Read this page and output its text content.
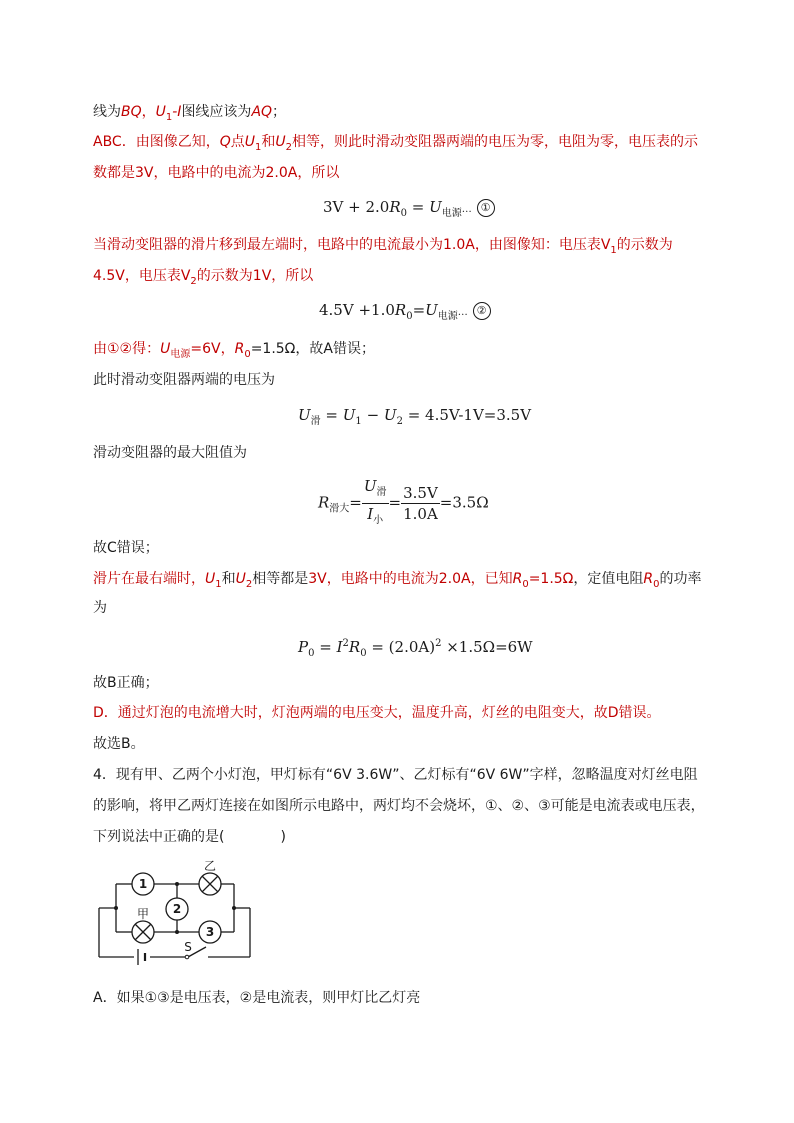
线为BQ，$U_1-I$图线应该为AQ；
ABC．由图像乙知，Q点$U_1$和$U_2$相等，则此时滑动变阻器两端的电压为零，电阻为零，电压表的示
数都是3V，电路中的电流为2.0A，所以
$3V + 2.0R_0$ = $U_{电源}\dots$ ①
当滑动变阻器的滑片移到最左端时，电路中的电流最小为1.0A，由图像知：电压表$V_1$的示数为
4.5V，电压表$V_2$的示数为1V，所以
$4.5V +1.0R_0=U_{电源}\dots$ ②
由①②得：$U_{电源}=6V$，$R_0=1.5\Omega$，故A错误；
此时滑动变阻器两端的电压为
$U_滑 = U_1 - U_2 = 4.5V-1V=3.5V$
滑动变阻器的最大阻值为
$R_{滑大}= \frac{U_滑}{I_小} = \frac{3.5V}{1.0A} =3.5\Omega$
故C错误；
滑片在最右端时，$U_1$和$U_2$相等都是3V，电路中的电流为2.0A，已知$R_0=1.5\Omega$，定值电阻$R_0$的功率
为
$P_0 = I^2R_0 = (2.0A)^2 \times 1.5\Omega=6W$
故B正确；
D．通过灯泡的电流增大时，灯泡两端的电压变大，温度升高，灯丝的电阻变大，故D错误。
故选B。
4．现有甲、乙两个小灯泡，甲灯标有“6V 3.6W”、乙灯标有“6V 6W”字样，忽略温度对灯丝电阻
的影响，将甲乙两灯连接在如图所示电路中，两灯均不会烧坏，①、②、③可能是电流表或电压表，
下列说法中正确的是(	)
1
2
3
乙
甲
S
A．如果①③是电压表，②是电流表，则甲灯比乙灯亮
